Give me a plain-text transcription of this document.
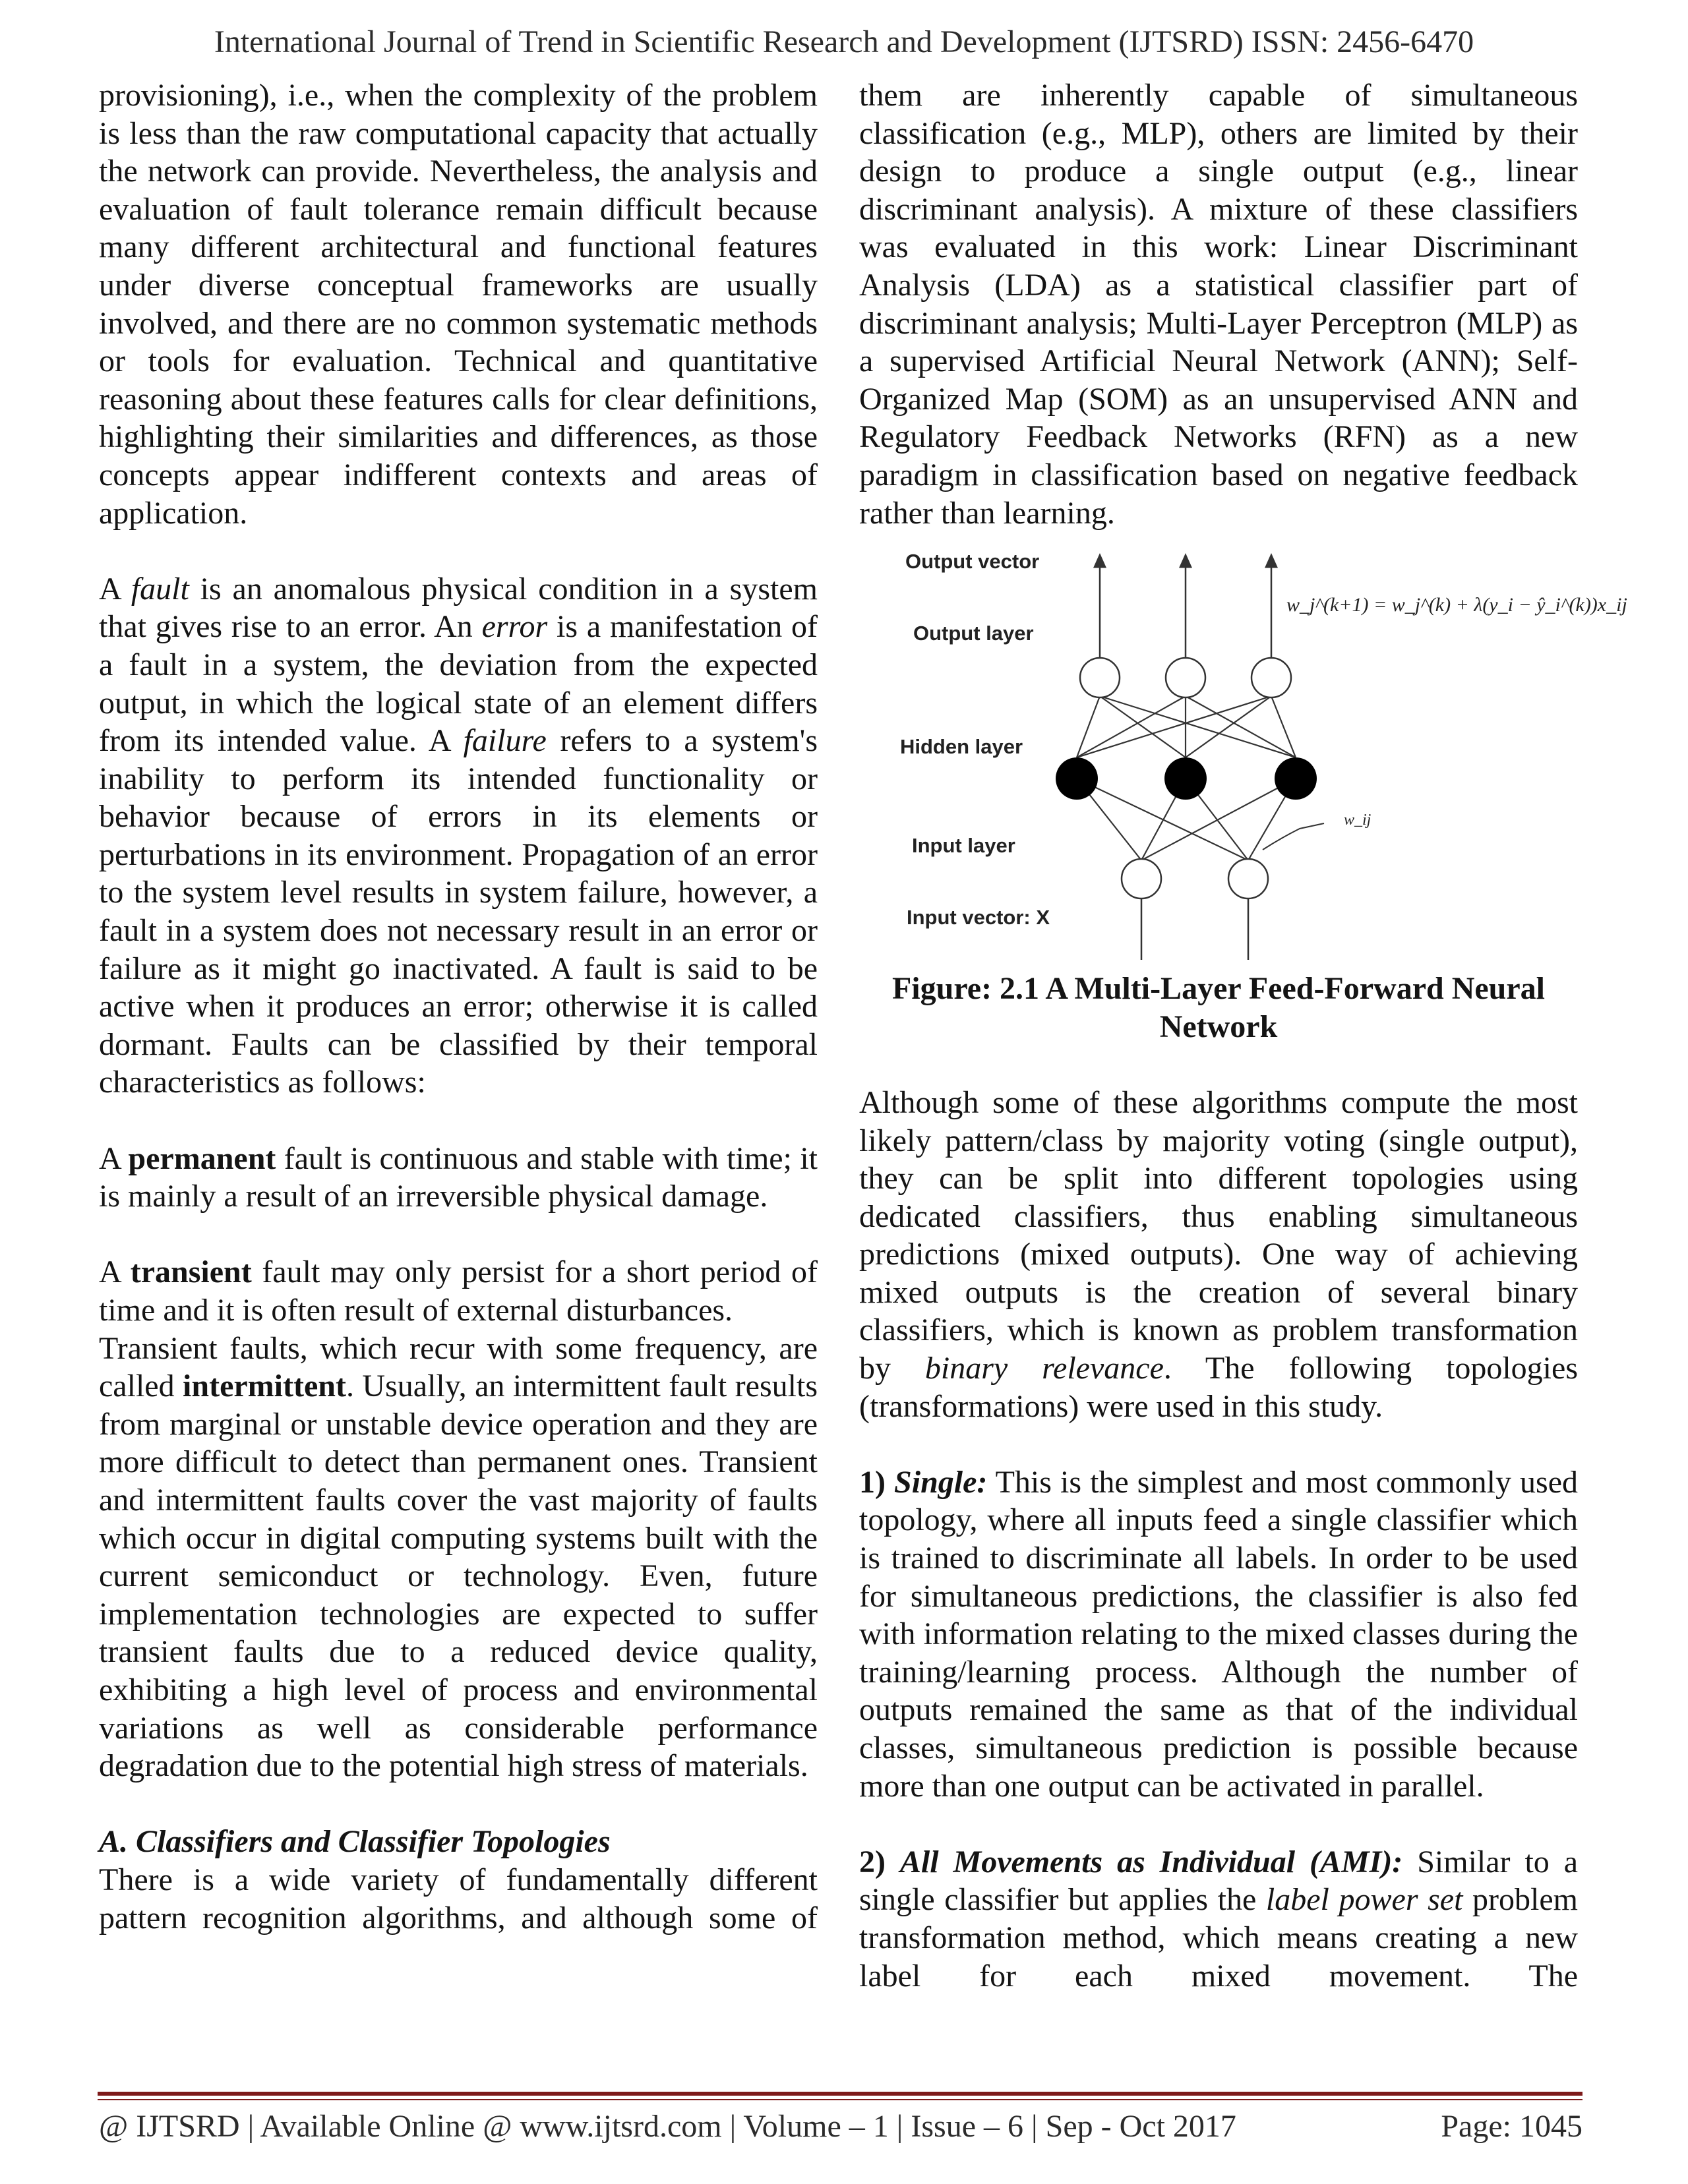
International Journal of Trend in Scientific Research and Development (IJTSRD) ISSN: 2456-6470

provisioning), i.e., when the complexity of the problem is less than the raw computational capacity that actually the network can provide. Nevertheless, the analysis and evaluation of fault tolerance remain difficult because many different architectural and functional features under diverse conceptual frameworks are usually involved, and there are no common systematic methods or tools for evaluation. Technical and quantitative reasoning about these features calls for clear definitions, highlighting their similarities and differences, as those concepts appear indifferent contexts and areas of application.

A fault is an anomalous physical condition in a system that gives rise to an error. An error is a manifestation of a fault in a system, the deviation from the expected output, in which the logical state of an element differs from its intended value. A failure refers to a system's inability to perform its intended functionality or behavior because of errors in its elements or perturbations in its environment. Propagation of an error to the system level results in system failure, however, a fault in a system does not necessary result in an error or failure as it might go inactivated. A fault is said to be active when it produces an error; otherwise it is called dormant. Faults can be classified by their temporal characteristics as follows:

A permanent fault is continuous and stable with time; it is mainly a result of an irreversible physical damage.

A transient fault may only persist for a short period of time and it is often result of external disturbances.

Transient faults, which recur with some frequency, are called intermittent. Usually, an intermittent fault results from marginal or unstable device operation and they are more difficult to detect than permanent ones. Transient and intermittent faults cover the vast majority of faults which occur in digital computing systems built with the current semiconduct or technology. Even, future implementation technologies are expected to suffer transient faults due to a reduced device quality, exhibiting a high level of process and environmental variations as well as considerable performance degradation due to the potential high stress of materials.

A. Classifiers and Classifier Topologies

There is a wide variety of fundamentally different pattern recognition algorithms, and although some of

them are inherently capable of simultaneous classification (e.g., MLP), others are limited by their design to produce a single output (e.g., linear discriminant analysis). A mixture of these classifiers was evaluated in this work: Linear Discriminant Analysis (LDA) as a statistical classifier part of discriminant analysis; Multi-Layer Perceptron (MLP) as a supervised Artificial Neural Network (ANN); Self-Organized Map (SOM) as an unsupervised ANN and Regulatory Feedback Networks (RFN) as a new paradigm in classification based on negative feedback rather than learning.

Output vector
Output layer
Hidden layer
Input layer
Input vector: X
w_j^(k+1) = w_j^(k) + λ(y_i − ŷ_i^(k))x_ij
w_ij

Figure: 2.1 A Multi-Layer Feed-Forward Neural Network

Although some of these algorithms compute the most likely pattern/class by majority voting (single output), they can be split into different topologies using dedicated classifiers, thus enabling simultaneous predictions (mixed outputs). One way of achieving mixed outputs is the creation of several binary classifiers, which is known as problem transformation by binary relevance. The following topologies (transformations) were used in this study.

1) Single: This is the simplest and most commonly used topology, where all inputs feed a single classifier which is trained to discriminate all labels. In order to be used for simultaneous predictions, the classifier is also fed with information relating to the mixed classes during the training/learning process. Although the number of outputs remained the same as that of the individual classes, simultaneous prediction is possible because more than one output can be activated in parallel.

2) All Movements as Individual (AMI): Similar to a single classifier but applies the label power set problem transformation method, which means creating a new label for each mixed movement. The

@ IJTSRD | Available Online @ www.ijtsrd.com | Volume – 1 | Issue – 6 | Sep - Oct 2017	Page: 1045
